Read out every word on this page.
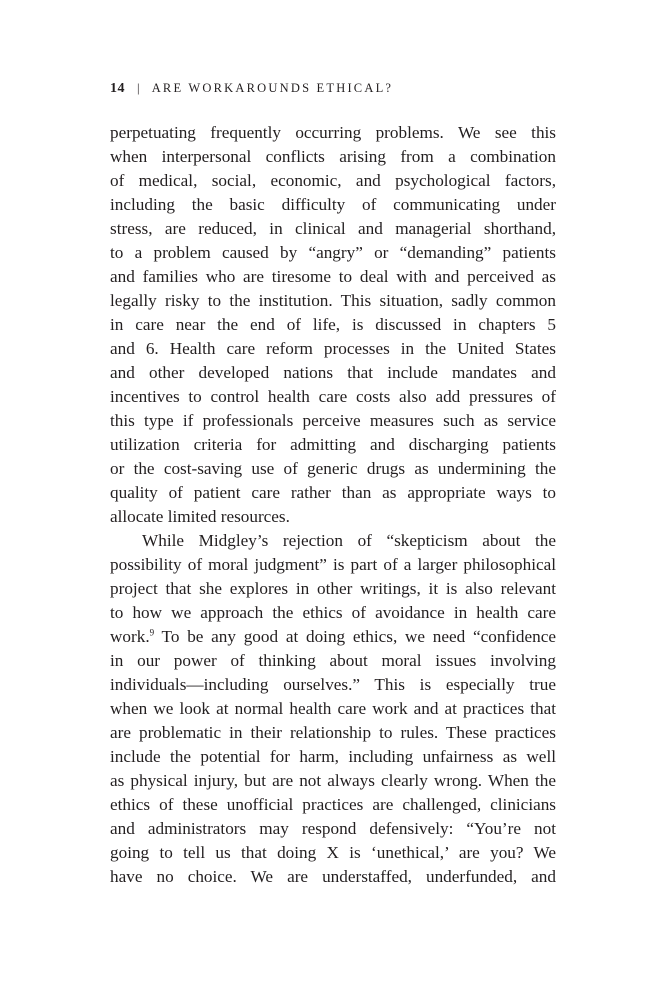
14 | ARE WORKAROUNDS ETHICAL?

perpetuating frequently occurring problems. We see this
when interpersonal conflicts arising from a combination
of medical, social, economic, and psychological factors,
including the basic difficulty of communicating under
stress, are reduced, in clinical and managerial shorthand,
to a problem caused by “angry” or “demanding” patients
and families who are tiresome to deal with and perceived as
legally risky to the institution. This situation, sadly common
in care near the end of life, is discussed in chapters 5
and 6. Health care reform processes in the United States
and other developed nations that include mandates and
incentives to control health care costs also add pressures of
this type if professionals perceive measures such as service
utilization criteria for admitting and discharging patients
or the cost-saving use of generic drugs as undermining the
quality of patient care rather than as appropriate ways to
allocate limited resources.

While Midgley’s rejection of “skepticism about the
possibility of moral judgment” is part of a larger philosophical
project that she explores in other writings, it is also relevant
to how we approach the ethics of avoidance in health care
work.$^9$ To be any good at doing ethics, we need “confidence
in our power of thinking about moral issues involving
individuals—including ourselves.” This is especially true
when we look at normal health care work and at practices that
are problematic in their relationship to rules. These practices
include the potential for harm, including unfairness as well
as physical injury, but are not always clearly wrong. When the
ethics of these unofficial practices are challenged, clinicians
and administrators may respond defensively: “You’re not
going to tell us that doing X is ‘unethical,’ are you? We
have no choice. We are understaffed, underfunded, and
